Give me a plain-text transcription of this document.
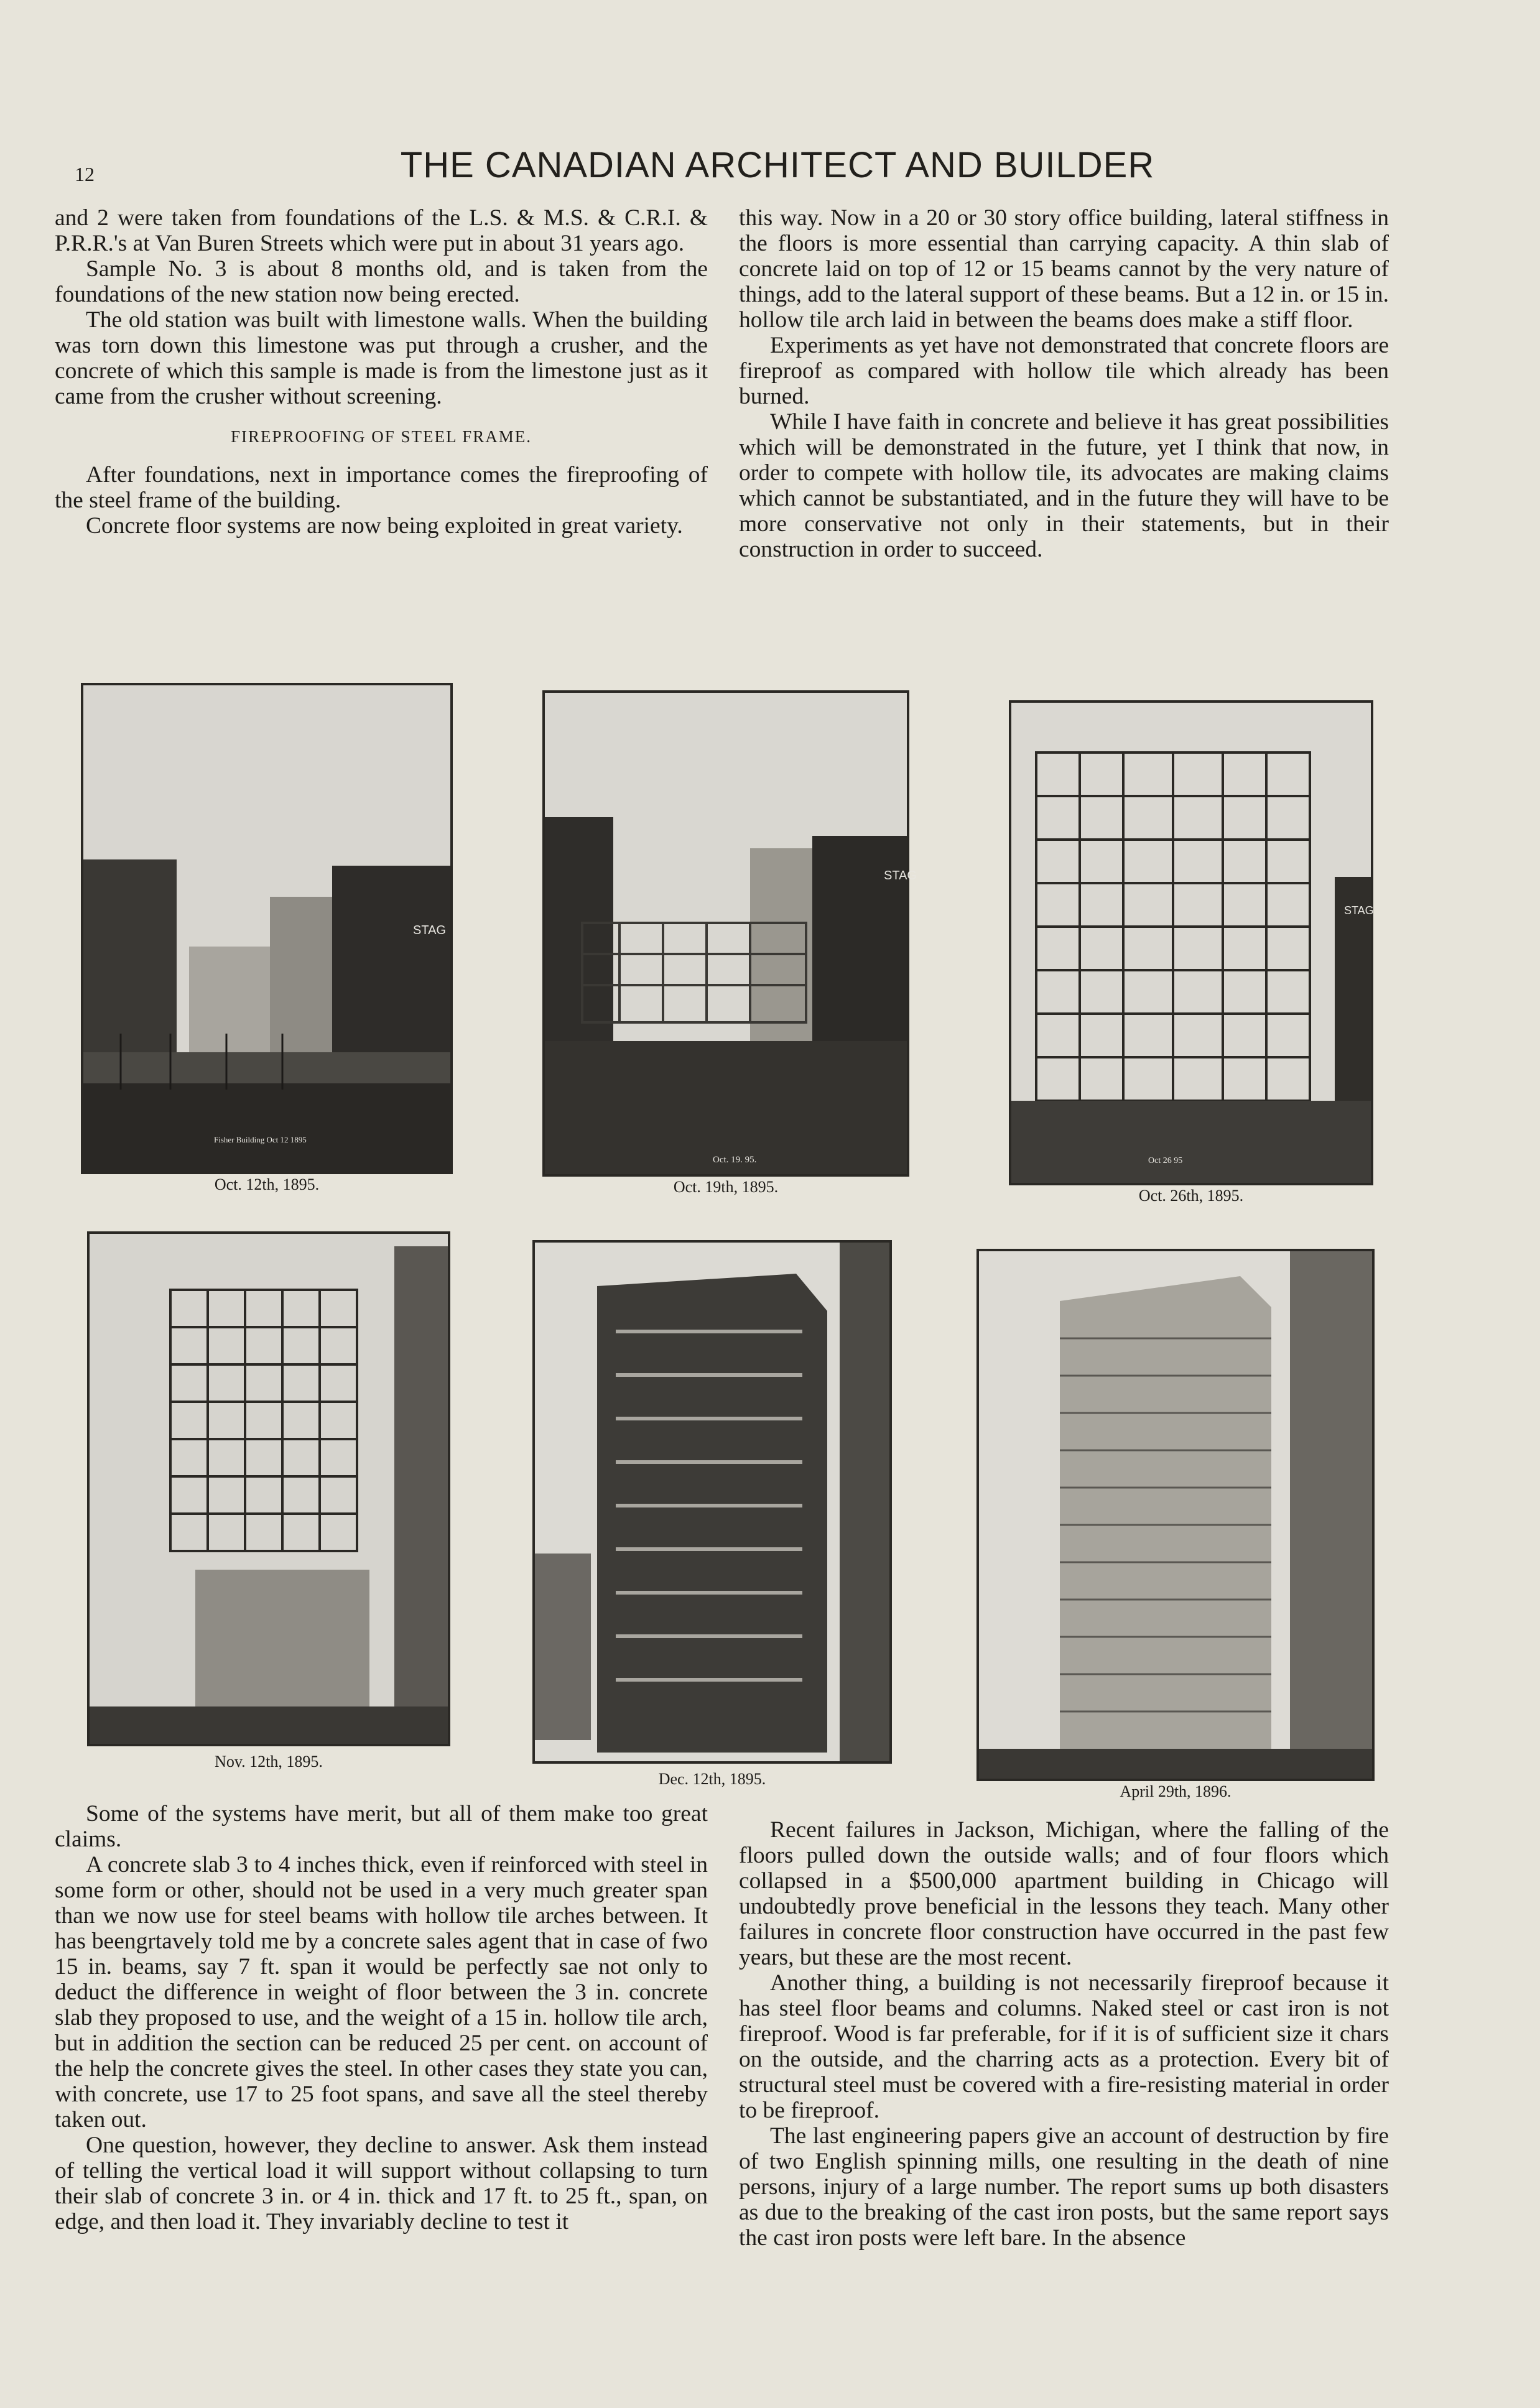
12	THE CANADIAN ARCHITECT AND BUILDER

and 2 were taken from foundations of the L.S. & M.S. & C.R.I. & P.R.R.'s at Van Buren Streets which were put in about 31 years ago.

Sample No. 3 is about 8 months old, and is taken from the foundations of the new station now being erected.

The old station was built with limestone walls. When the building was torn down this limestone was put through a crusher, and the concrete of which this sample is made is from the limestone just as it came from the crusher without screening.

FIREPROOFING OF STEEL FRAME.

After foundations, next in importance comes the fireproofing of the steel frame of the building.

Concrete floor systems are now being exploited in great variety.

this way. Now in a 20 or 30 story office building, lateral stiffness in the floors is more essential than carrying capacity. A thin slab of concrete laid on top of 12 or 15 beams cannot by the very nature of things, add to the lateral support of these beams. But a 12 in. or 15 in. hollow tile arch laid in between the beams does make a stiff floor.

Experiments as yet have not demonstrated that concrete floors are fireproof as compared with hollow tile which already has been burned.

While I have faith in concrete and believe it has great possibilities which will be demonstrated in the future, yet I think that now, in order to compete with hollow tile, its advocates are making claims which cannot be substantiated, and in the future they will have to be more conservative not only in their statements, but in their construction in order to succeed.

Fisher Building Oct 12 1895
STAG
Oct. 12th, 1895.
Oct. 19. 95.
STAG
Oct. 19th, 1895.
Oct 26 95
STAG
Oct. 26th, 1895.
Nov. 12th, 1895.
Dec. 12th, 1895.
April 29th, 1896.

Some of the systems have merit, but all of them make too great claims.

A concrete slab 3 to 4 inches thick, even if reinforced with steel in some form or other, should not be used in a very much greater span than we now use for steel beams with hollow tile arches between. It has beengrtavely told me by a concrete sales agent that in case of fwo 15 in. beams, say 7 ft. span it would be perfectly sae not only to deduct the difference in weight of floor between the 3 in. concrete slab they proposed to use, and the weight of a 15 in. hollow tile arch, but in addition the section can be reduced 25 per cent. on account of the help the concrete gives the steel. In other cases they state you can, with concrete, use 17 to 25 foot spans, and save all the steel thereby taken out.

One question, however, they decline to answer. Ask them instead of telling the vertical load it will support without collapsing to turn their slab of concrete 3 in. or 4 in. thick and 17 ft. to 25 ft., span, on edge, and then load it. They invariably decline to test it

Recent failures in Jackson, Michigan, where the falling of the floors pulled down the outside walls; and of four floors which collapsed in a $500,000 apartment building in Chicago will undoubtedly prove beneficial in the lessons they teach. Many other failures in concrete floor construction have occurred in the past few years, but these are the most recent.

Another thing, a building is not necessarily fireproof because it has steel floor beams and columns. Naked steel or cast iron is not fireproof. Wood is far preferable, for if it is of sufficient size it chars on the outside, and the charring acts as a protection. Every bit of structural steel must be covered with a fire-resisting material in order to be fireproof.

The last engineering papers give an account of destruction by fire of two English spinning mills, one resulting in the death of nine persons, injury of a large number. The report sums up both disasters as due to the breaking of the cast iron posts, but the same report says the cast iron posts were left bare. In the absence
